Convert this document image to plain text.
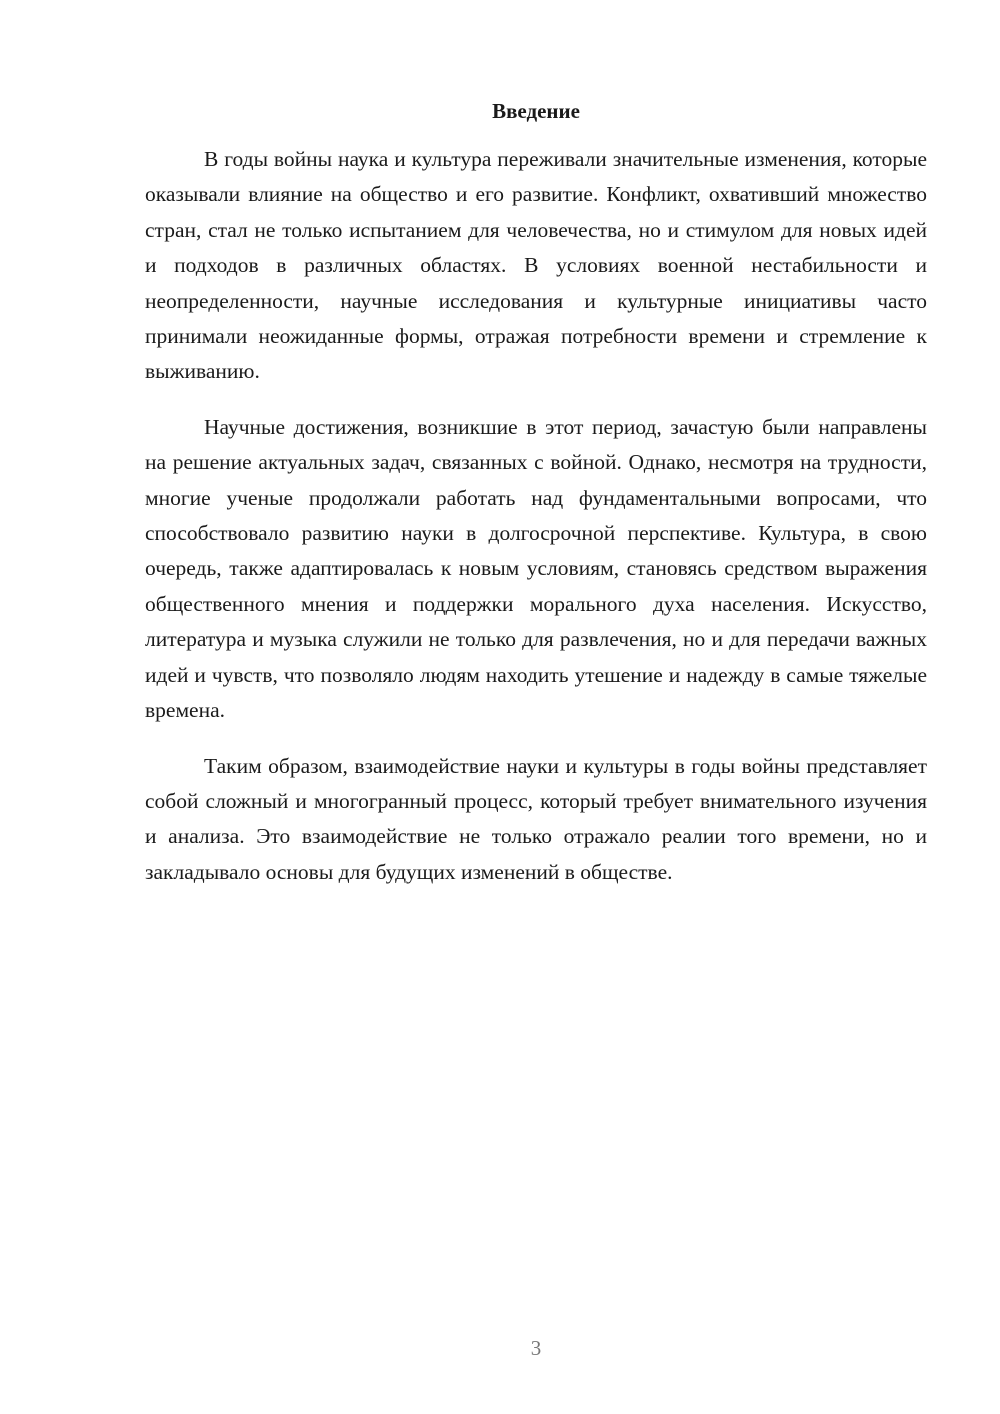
Введение

В годы войны наука и культура переживали значительные изменения, которые оказывали влияние на общество и его развитие. Конфликт, охвативший множество стран, стал не только испытанием для человечества, но и стимулом для новых идей и подходов в различных областях. В условиях военной нестабильности и неопределенности, научные исследования и культурные инициативы часто принимали неожиданные формы, отражая потребности времени и стремление к выживанию.

Научные достижения, возникшие в этот период, зачастую были направлены на решение актуальных задач, связанных с войной. Однако, несмотря на трудности, многие ученые продолжали работать над фундаментальными вопросами, что способствовало развитию науки в долгосрочной перспективе. Культура, в свою очередь, также адаптировалась к новым условиям, становясь средством выражения общественного мнения и поддержки морального духа населения. Искусство, литература и музыка служили не только для развлечения, но и для передачи важных идей и чувств, что позволяло людям находить утешение и надежду в самые тяжелые времена.

Таким образом, взаимодействие науки и культуры в годы войны представляет собой сложный и многогранный процесс, который требует внимательного изучения и анализа. Это взаимодействие не только отражало реалии того времени, но и закладывало основы для будущих изменений в обществе.

3
